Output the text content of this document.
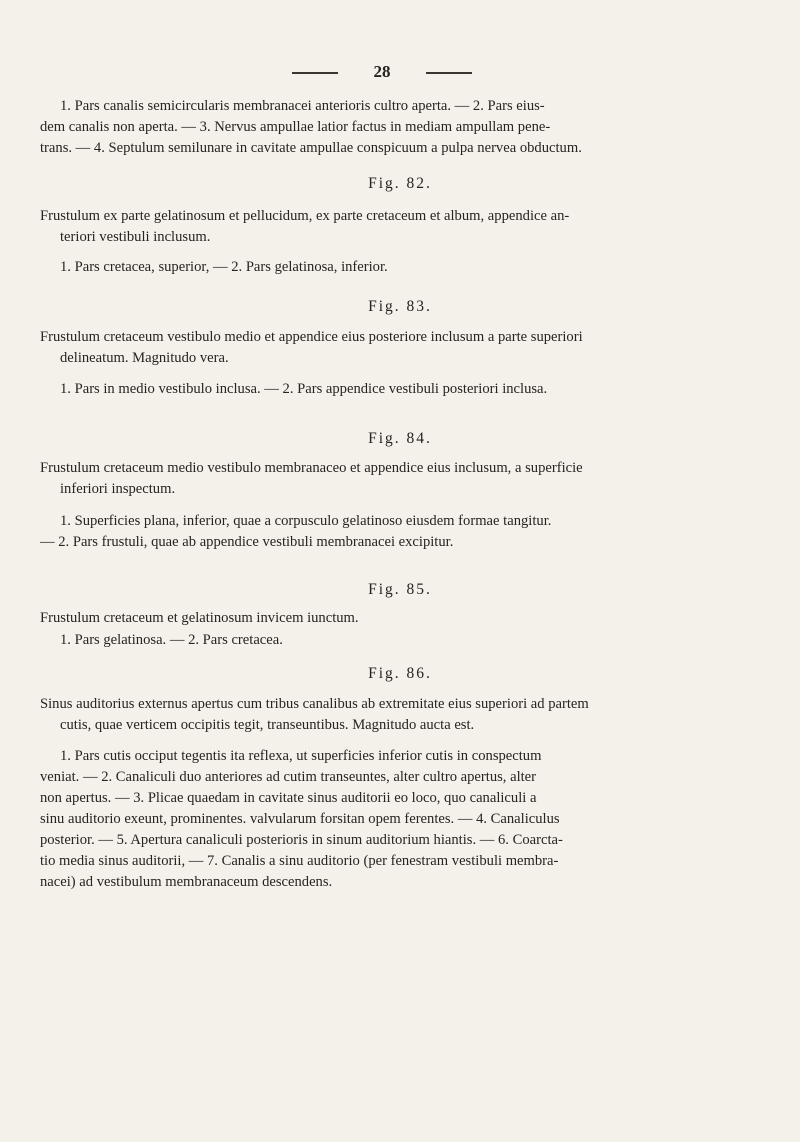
28
1. Pars canalis semicircularis membranacei anterioris cultro aperta. — 2. Pars eius-
dem canalis non aperta. — 3. Nervus ampullae latior factus in mediam ampullam pene-
trans. — 4. Septulum semilunare in cavitate ampullae conspicuum a pulpa nervea obductum.
Fig. 82.
Frustulum ex parte gelatinosum et pellucidum, ex parte cretaceum et album, appendice an-
teriori vestibuli inclusum.
1. Pars cretacea, superior, — 2. Pars gelatinosa, inferior.
Fig. 83.
Frustulum cretaceum vestibulo medio et appendice eius posteriore inclusum a parte superiori
delineatum. Magnitudo vera.
1. Pars in medio vestibulo inclusa. — 2. Pars appendice vestibuli posteriori inclusa.
Fig. 84.
Frustulum cretaceum medio vestibulo membranaceo et appendice eius inclusum, a superficie
inferiori inspectum.
1. Superficies plana, inferior, quae a corpusculo gelatinoso eiusdem formae tangitur.
— 2. Pars frustuli, quae ab appendice vestibuli membranacei excipitur.
Fig. 85.
Frustulum cretaceum et gelatinosum invicem iunctum.
1. Pars gelatinosa. — 2. Pars cretacea.
Fig. 86.
Sinus auditorius externus apertus cum tribus canalibus ab extremitate eius superiori ad partem
cutis, quae verticem occipitis tegit, transeuntibus. Magnitudo aucta est.
1. Pars cutis occiput tegentis ita reflexa, ut superficies inferior cutis in conspectum
veniat. — 2. Canaliculi duo anteriores ad cutim transeuntes, alter cultro apertus, alter
non apertus. — 3. Plicae quaedam in cavitate sinus auditorii eo loco, quo canaliculi a
sinu auditorio exeunt, prominentes. valvularum forsitan opem ferentes. — 4. Canaliculus
posterior. — 5. Apertura canaliculi posterioris in sinum auditorium hiantis. — 6. Coarcta-
tio media sinus auditorii, — 7. Canalis a sinu auditorio (per fenestram vestibuli membra-
nacei) ad vestibulum membranaceum descendens.
